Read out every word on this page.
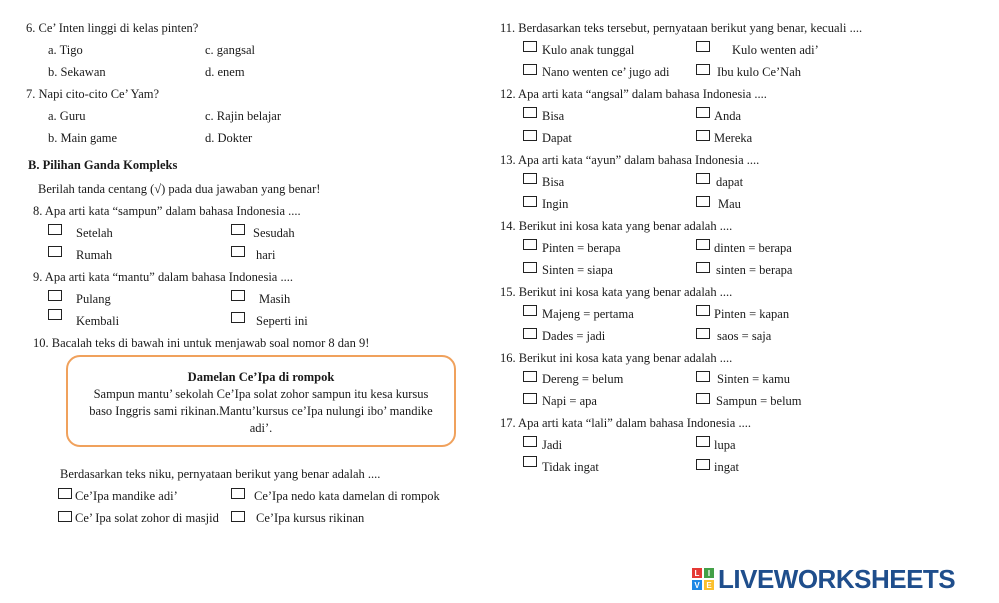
6. Ce’ Inten linggi di kelas pinten?
a. Tigo	c. gangsal
b. Sekawan	d. enem
7. Napi cito-cito Ce’ Yam?
a. Guru	c. Rajin belajar
b. Main game	d. Dokter
B. Pilihan Ganda Kompleks
Berilah tanda centang (√) pada dua jawaban yang benar!
8. Apa arti kata “sampun” dalam bahasa Indonesia ....
Setelah	Sesudah
Rumah	hari
9. Apa arti kata “mantu” dalam bahasa Indonesia ....
Pulang	Masih
Kembali	Seperti ini
10. Bacalah teks di bawah ini untuk menjawab soal nomor 8 dan 9!
Damelan Ce’Ipa di rompok
Sampun mantu’ sekolah Ce’Ipa solat zohor sampun itu kesa kursus baso Inggris sami rikinan.Mantu’kursus ce’Ipa nulungi ibo’ mandike adi’.
Berdasarkan teks niku, pernyataan berikut yang benar adalah ....
Ce’Ipa mandike adi’	Ce’Ipa nedo kata damelan di rompok
Ce’ Ipa solat zohor di masjid	Ce’Ipa kursus rikinan
11. Berdasarkan teks tersebut, pernyataan berikut yang benar, kecuali ....
Kulo anak tunggal	Kulo wenten adi’
Nano wenten ce’ jugo adi	Ibu kulo Ce’Nah
12. Apa arti kata “angsal” dalam bahasa Indonesia ....
Bisa	Anda
Dapat	Mereka
13. Apa arti kata “ayun” dalam bahasa Indonesia ....
Bisa	dapat
Ingin	Mau
14. Berikut ini kosa kata yang benar adalah ....
Pinten = berapa	dinten = berapa
Sinten = siapa	sinten = berapa
15. Berikut ini kosa kata yang benar adalah ....
Majeng = pertama	Pinten = kapan
Dades = jadi	saos = saja
16. Berikut ini kosa kata yang benar adalah ....
Dereng = belum	Sinten = kamu
Napi = apa	Sampun = belum
17. Apa arti kata “lali” dalam bahasa Indonesia ....
Jadi	lupa
Tidak ingat	ingat
L	I
V E LIVEWORKSHEETS
